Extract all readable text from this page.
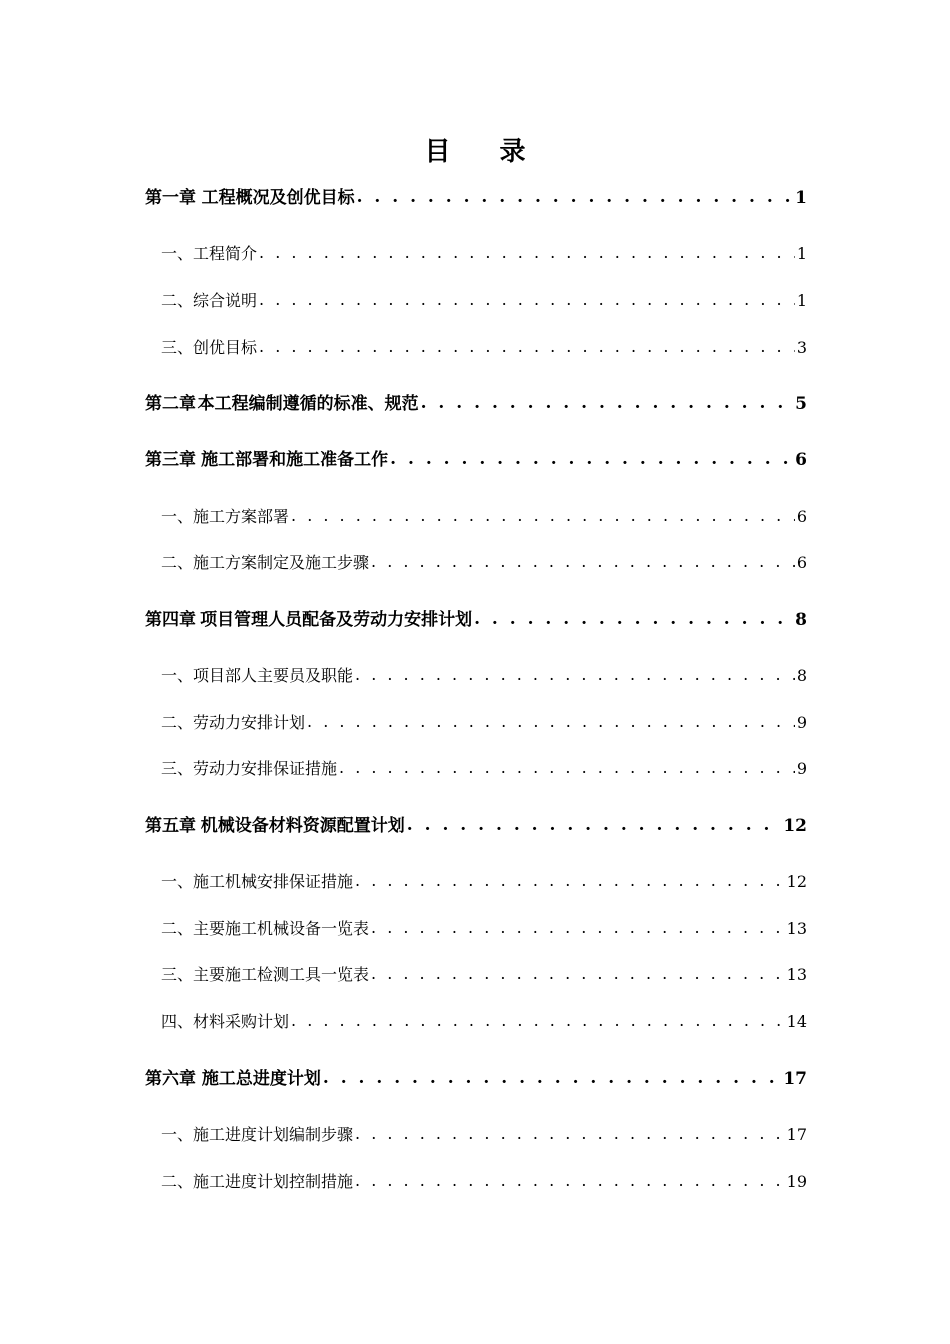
目 录
第一章 工程概况及创优目标 . . .	1
一、工程简介 . . .	1
二、综合说明 . . .	1
三、创优目标 . . .	3
第二章 本工程编制遵循的标准、规范 . . .	5
第三章 施工部署和施工准备工作 . . .	6
一、施工方案部署 . . .	6
二、施工方案制定及施工步骤 . . .	6
第四章 项目管理人员配备及劳动力安排计划 . . .	8
一、项目部人主要员及职能 . . .	8
二、劳动力安排计划 . . .	9
三、劳动力安排保证措施 . . .	9
第五章 机械设备材料资源配置计划 . . .	12
一、施工机械安排保证措施 . . .	12
二、主要施工机械设备一览表 . . .	13
三、主要施工检测工具一览表 . . .	13
四、材料采购计划 . . .	14
第六章 施工总进度计划 . . .	17
一、施工进度计划编制步骤 . . .	17
二、施工进度计划控制措施 . . .	19
